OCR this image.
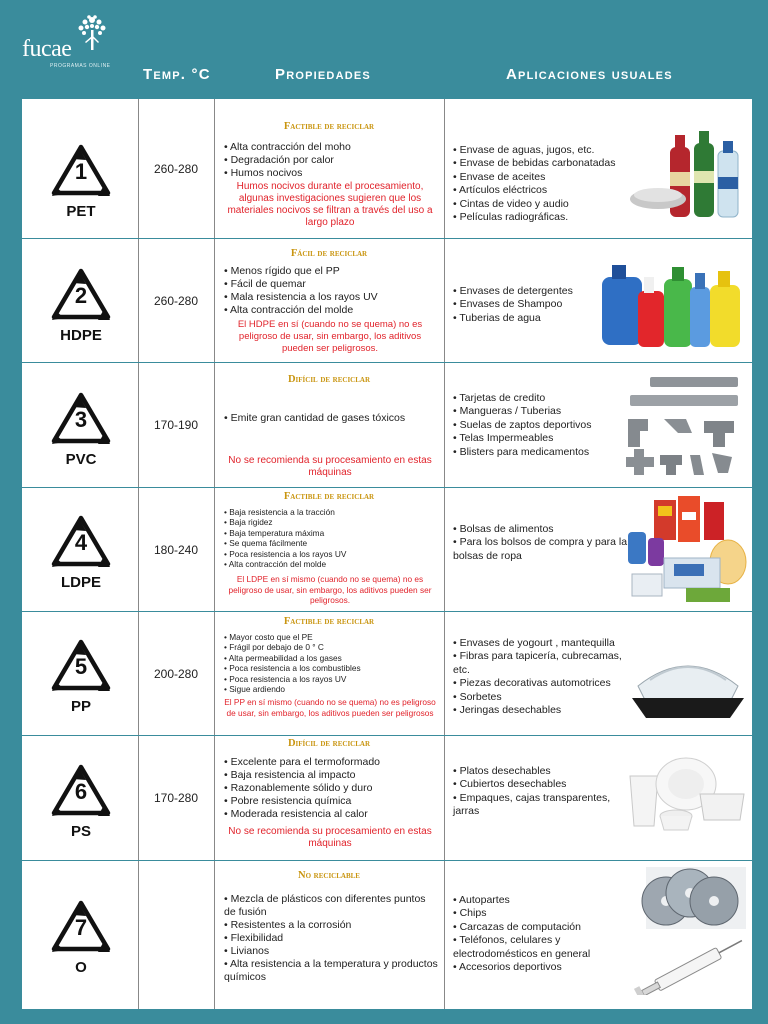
fucae
PROGRAMAS ONLINE Temp. °C	Propiedades	Aplicaciones usuales
1
PET
260-280
Factible de reciclar
• Alta contracción del moho
• Degradación por calor
• Humos nocivos
Humos nocivos durante el procesamiento, algunas investigaciones sugieren que los materiales nocivos se filtran a través del uso a largo plazo
• Envase de aguas, jugos, etc.
• Envase de bebidas carbonatadas
• Envase de aceites
• Artículos eléctricos
• Cintas de video y audio
• Películas radiográficas.
2
HDPE
260-280
Fácil de reciclar
• Menos rígido que el PP
• Fácil de quemar
• Mala resistencia a los rayos UV
• Alta contracción del molde
El HDPE en sí (cuando no se quema) no es peligroso de usar, sin embargo, los aditivos pueden ser peligrosos.
• Envases de detergentes
• Envases de Shampoo
• Tuberias de agua
3
PVC
170-190
Difícil de reciclar
• Emite gran cantidad de gases tóxicos
No se recomienda su procesamiento en estas máquinas
• Tarjetas de credito
• Mangueras / Tuberias
• Suelas de zaptos deportivos
• Telas Impermeables
• Blisters para medicamentos
4
LDPE
180-240
Factible de reciclar
• Baja resistencia a la tracción
• Baja rigidez
• Baja temperatura máxima
• Se quema fácilmente
• Poca resistencia a los rayos UV
• Alta contracción del molde
El LDPE en sí mismo (cuando no se quema) no es peligroso de usar, sin embargo, los aditivos pueden ser peligrosos.
• Bolsas de alimentos
• Para los bolsos de compra y para la bolsas de ropa
5
PP
200-280
Factible de reciclar
• Mayor costo que el PE
• Frágil por debajo de 0 ° C
• Alta permeabilidad a los gases
• Poca resistencia a los combustibles
• Poca resistencia a los rayos UV
• Sigue ardiendo
El PP en sí mismo (cuando no se quema) no es peligroso de usar, sin embargo, los aditivos pueden ser peligrosos
• Envases de yogourt , mantequilla
• Fibras para tapicería, cubrecamas, etc.
• Piezas decorativas automotrices
• Sorbetes
• Jeringas desechables
6
PS
170-280
Difícil de reciclar
• Excelente para el termoformado
• Baja resistencia al impacto
• Razonablemente sólido y duro
• Pobre resistencia química
• Moderada resistencia al calor
No se recomienda su procesamiento en estas máquinas
• Platos desechables
• Cubiertos desechables
• Empaques, cajas transparentes, jarras
7
O
No reciclable
• Mezcla de plásticos con diferentes puntos de fusión
• Resistentes a la corrosión
• Flexibilidad
• Livianos
• Alta resistencia a la temperatura y productos químicos
• Autopartes
• Chips
• Carcazas de computación
• Teléfonos, celulares y electrodomésticos en general
• Accesorios deportivos
